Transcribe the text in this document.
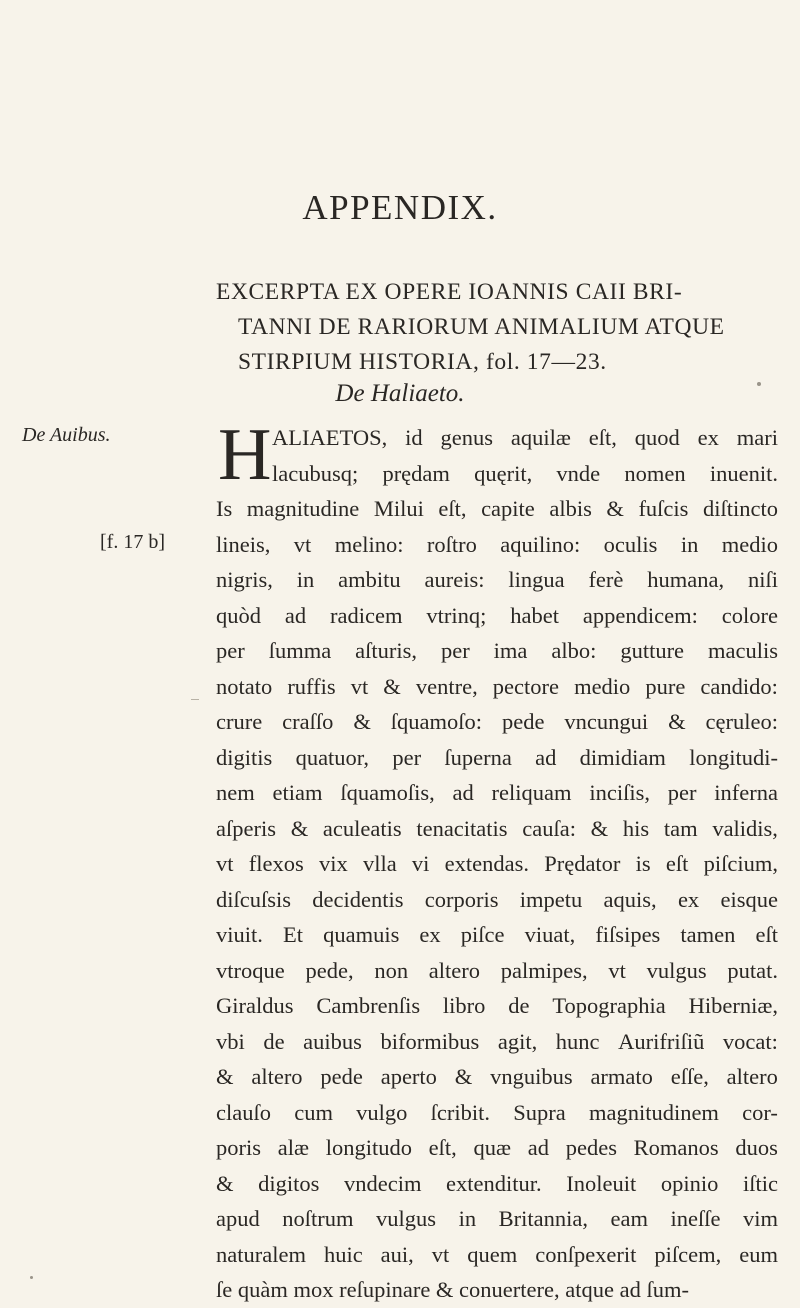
APPENDIX.
EXCERPTA EX OPERE IOANNIS CAII BRI-
TANNI DE RARIORUM ANIMALIUM ATQUE
STIRPIUM HISTORIA, fol. 17—23.
De Haliaeto.
De Auibus.
[f. 17 b]
H ALIAETOS, id genus aquilæ eſt, quod ex mari
lacubusq; prędam quęrit, vnde nomen inuenit.
Is magnitudine Milui eſt, capite albis & fuſcis diſtincto
lineis, vt melino: roſtro aquilino: oculis in medio
nigris, in ambitu aureis: lingua ferè humana, niſi
quòd ad radicem vtrinq; habet appendicem: colore
per ſumma aſturis, per ima albo: gutture maculis
notato ruffis vt & ventre, pectore medio pure candido:
crure craſſo & ſquamoſo: pede vncungui & cęruleo:
digitis quatuor, per ſuperna ad dimidiam longitudi-
nem etiam ſquamoſis, ad reliquam inciſis, per inferna
aſperis & aculeatis tenacitatis cauſa: & his tam validis,
vt flexos vix vlla vi extendas. Prędator is eſt piſcium,
diſcuſsis decidentis corporis impetu aquis, ex eisque
viuit. Et quamuis ex piſce viuat, fiſsipes tamen eſt
vtroque pede, non altero palmipes, vt vulgus putat.
Giraldus Cambrenſis libro de Topographia Hiberniæ,
vbi de auibus biformibus agit, hunc Aurifriſiũ vocat:
& altero pede aperto & vnguibus armato eſſe, altero
clauſo cum vulgo ſcribit. Supra magnitudinem cor-
poris alæ longitudo eſt, quæ ad pedes Romanos duos
& digitos vndecim extenditur. Inoleuit opinio iſtic
apud noſtrum vulgus in Britannia, eam ineſſe vim
naturalem huic aui, vt quem conſpexerit piſcem, eum
ſe quàm mox reſupinare & conuertere, atque ad ſum-
